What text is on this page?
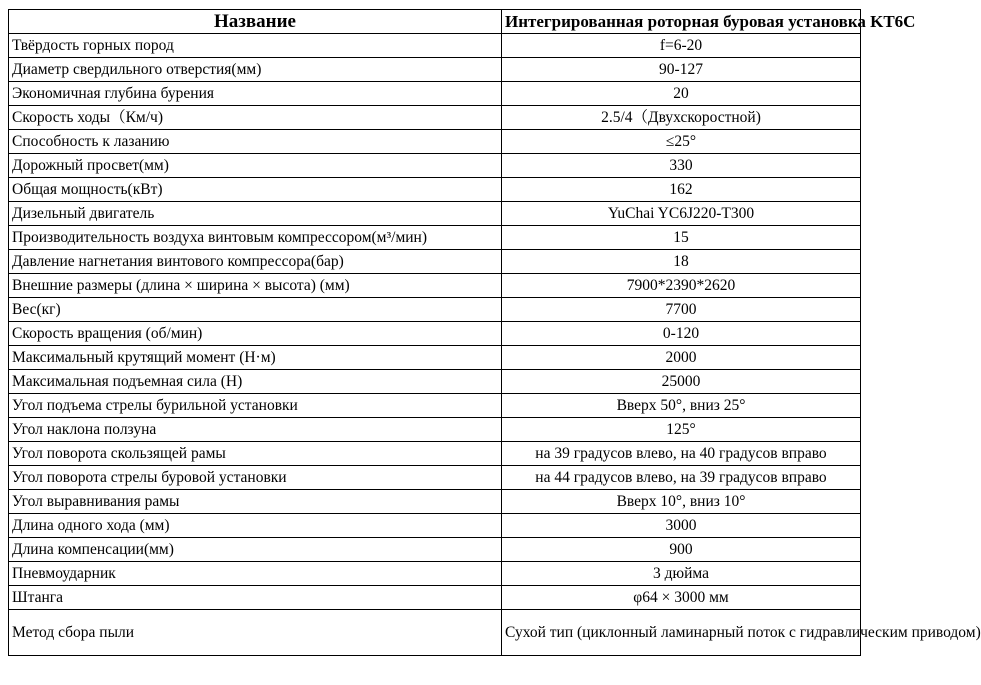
Название	Интегрированная роторная буровая установка KT6C
Твёрдость горных пород	f=6-20
Диаметр свердильного отверстия(мм)	90-127
Экономичная глубина бурения	20
Скорость ходы（Км/ч)	2.5/4（Двухскоростной)
Способность к лазанию	≤25°
Дорожный просвет(мм)	330
Общая мощность(кВт)	162
Дизельный двигатель	YuChai YC6J220-T300
Производительность воздуха винтовым компрессором(м³/мин)	15
Давление нагнетания винтового компрессора(бар)	18
Внешние размеры (длина × ширина × высота) (мм)	7900*2390*2620
Вес(кг)	7700
Скорость вращения (об/мин)	0-120
Максимальный крутящий момент (Н·м)	2000
Максимальная подъемная сила (Н)	25000
Угол подъема стрелы бурильной установки	Вверх 50°, вниз 25°
Угол наклона ползуна	125°
Угол поворота скользящей рамы	на 39 градусов влево, на 40 градусов вправо
Угол поворота стрелы буровой установки	на 44 градусов влево, на 39 градусов вправо
Угол выравнивания рамы	Вверх 10°, вниз 10°
Длина одного хода (мм)	3000
Длина компенсации(мм)	900
Пневмоударник	3 дюйма
Штанга	φ64 × 3000 мм
Метод сбора пыли	Сухой тип (циклонный ламинарный поток с гидравлическим приводом)
